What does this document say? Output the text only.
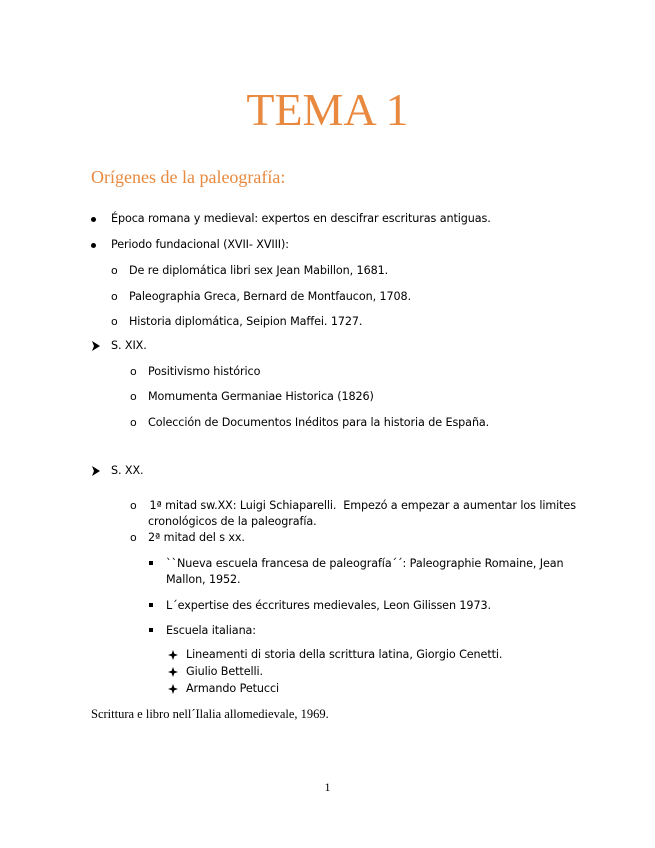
TEMA 1
Orígenes de la paleografía:
Época romana y medieval: expertos en descifrar escrituras antiguas.
Periodo fundacional (XVII- XVIII):
o De re diplomática libri sex Jean Mabillon, 1681.
o Paleographia Greca, Bernard de Montfaucon, 1708.
o Historia diplomática, Seipion Maffei. 1727.
S. XIX.
o Positivismo histórico
o Momumenta Germaniae Historica (1826)
o Colección de Documentos Inéditos para la historia de España.
S. XX.
o 1ª mitad sw.XX: Luigi Schiaparelli.  Empezó a empezar a aumentar los limites
cronológicos de la paleografía.
o 2ª mitad del s xx.
``Nueva escuela francesa de paleografía´´: Paleographie Romaine, Jean
Mallon, 1952.
L´expertise des éccritures medievales, Leon Gilissen 1973.
Escuela italiana:
Lineamenti di storia della scrittura latina, Giorgio Cenetti.
Giulio Bettelli.
Armando Petucci
Scrittura e libro nell´Ilalia allomedievale, 1969.
1
